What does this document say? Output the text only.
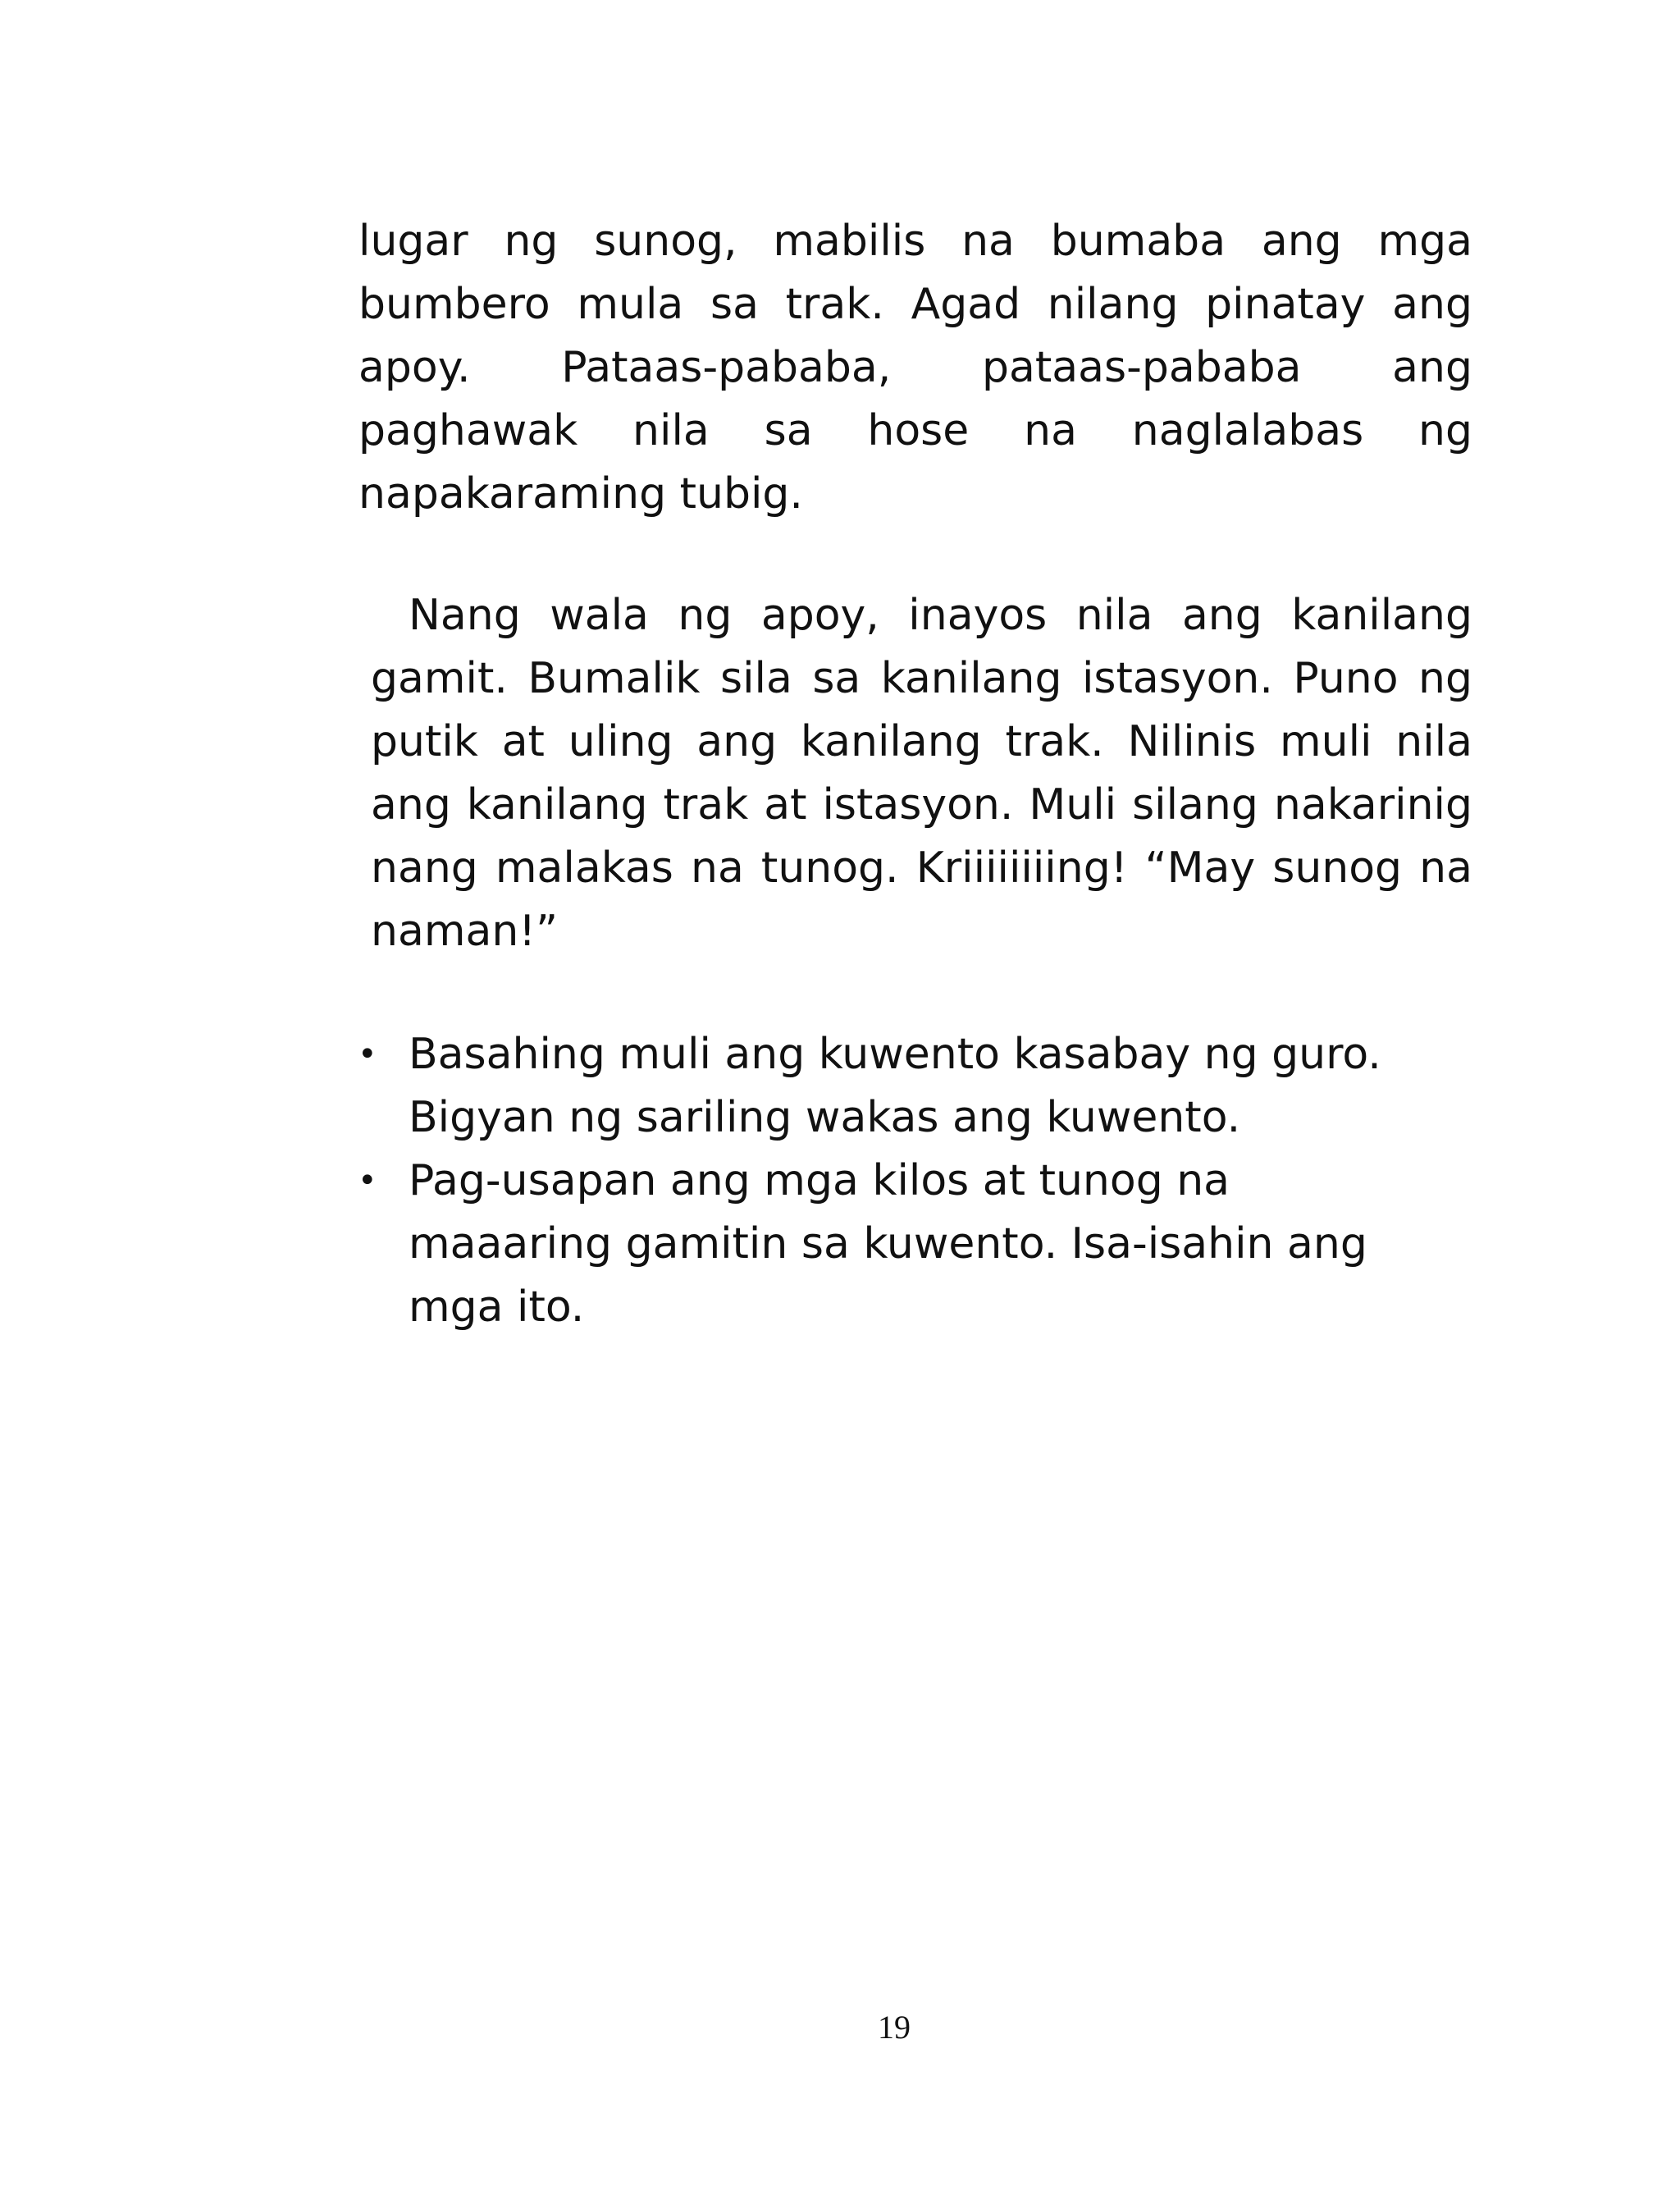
lugar ng sunog, mabilis na bumaba ang mga bumbero mula sa trak. Agad nilang pinatay ang apoy. Pataas-pababa, pataas-pababa ang paghawak nila sa hose na naglalabas ng napakaraming tubig.

Nang wala ng apoy, inayos nila ang kanilang gamit. Bumalik sila sa kanilang istasyon. Puno ng putik at uling ang kanilang trak. Nilinis muli nila ang kanilang trak at istasyon. Muli silang nakarinig nang malakas na tunog. Kriiiiiiiing! “May sunog na naman!”

• Basahing muli ang kuwento kasabay ng guro.
Bigyan ng sariling wakas ang kuwento.
• Pag-usapan ang mga kilos at tunog na
maaaring gamitin sa kuwento. Isa-isahin ang
mga ito.
19
